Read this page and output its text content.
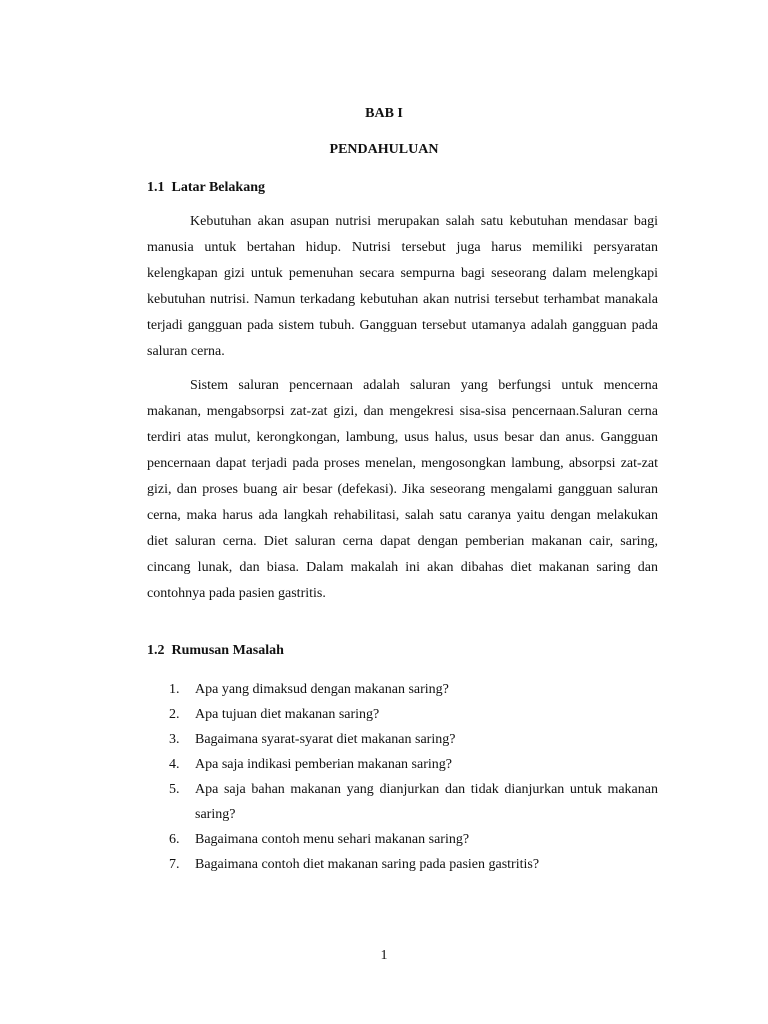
BAB I
PENDAHULUAN
1.1  Latar Belakang

Kebutuhan akan asupan nutrisi merupakan salah satu kebutuhan mendasar bagi manusia untuk bertahan hidup. Nutrisi tersebut juga harus memiliki persyaratan kelengkapan gizi untuk pemenuhan secara sempurna bagi seseorang dalam melengkapi kebutuhan nutrisi. Namun terkadang kebutuhan akan nutrisi tersebut terhambat manakala terjadi gangguan pada sistem tubuh. Gangguan tersebut utamanya adalah gangguan pada saluran cerna.

Sistem saluran pencernaan adalah saluran yang berfungsi untuk mencerna makanan, mengabsorpsi zat-zat gizi, dan mengekresi sisa-sisa pencernaan.Saluran cerna terdiri atas mulut, kerongkongan, lambung, usus halus, usus besar dan anus. Gangguan pencernaan dapat terjadi pada proses menelan, mengosongkan lambung, absorpsi zat-zat gizi, dan proses buang air besar (defekasi). Jika seseorang mengalami gangguan saluran cerna, maka harus ada langkah rehabilitasi, salah satu caranya yaitu dengan melakukan diet saluran cerna. Diet saluran cerna dapat dengan pemberian makanan cair, saring, cincang lunak, dan biasa. Dalam makalah ini akan dibahas diet makanan saring dan contohnya pada pasien gastritis.

1.2  Rumusan Masalah
1. Apa yang dimaksud dengan makanan saring?
2. Apa tujuan diet makanan saring?
3. Bagaimana syarat-syarat diet makanan saring?
4. Apa saja indikasi pemberian makanan saring?
5. Apa saja bahan makanan yang dianjurkan dan tidak dianjurkan untuk makanan saring?
6. Bagaimana contoh menu sehari makanan saring?
7. Bagaimana contoh diet makanan saring pada pasien gastritis?
1
